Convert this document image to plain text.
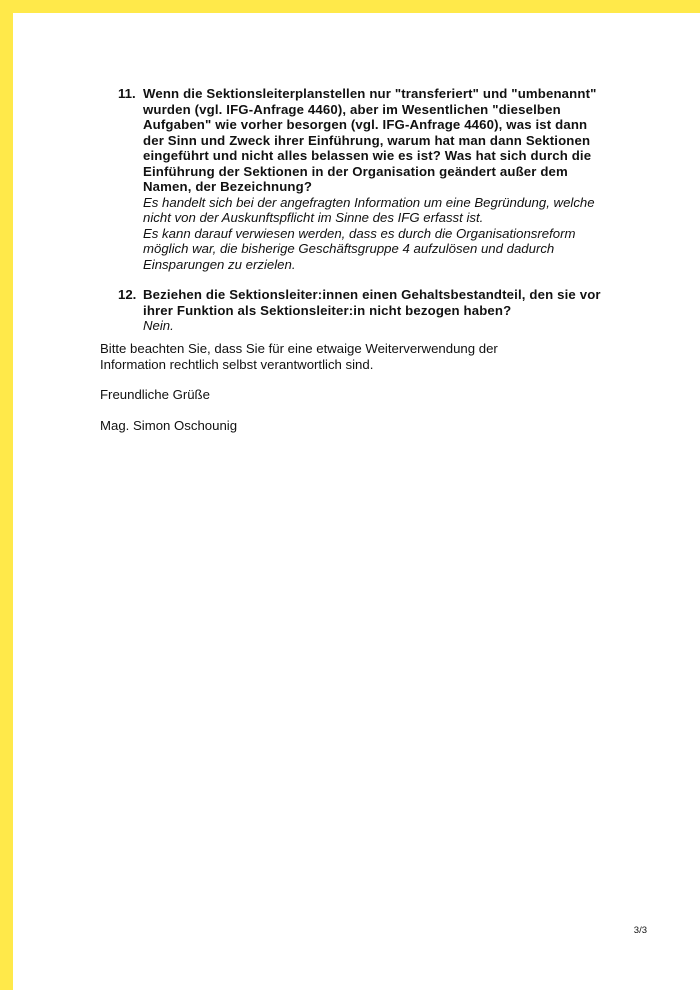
11. Wenn die Sektionsleiterplanstellen nur "transferiert" und "umbenannt" wurden (vgl. IFG-Anfrage 4460), aber im Wesentlichen "dieselben Aufgaben" wie vorher besorgen (vgl. IFG-Anfrage 4460), was ist dann der Sinn und Zweck ihrer Einführung, warum hat man dann Sektionen eingeführt und nicht alles belassen wie es ist? Was hat sich durch die Einführung der Sektionen in der Organisation geändert außer dem Namen, der Bezeichnung?
Es handelt sich bei der angefragten Information um eine Begründung, welche nicht von der Auskunftspflicht im Sinne des IFG erfasst ist.
Es kann darauf verwiesen werden, dass es durch die Organisationsreform möglich war, die bisherige Geschäftsgruppe 4 aufzulösen und dadurch Einsparungen zu erzielen.
12. Beziehen die Sektionsleiter:innen einen Gehaltsbestandteil, den sie vor ihrer Funktion als Sektionsleiter:in nicht bezogen haben?
Nein.

Bitte beachten Sie, dass Sie für eine etwaige Weiterverwendung der Information rechtlich selbst verantwortlich sind.

Freundliche Grüße

Mag. Simon Oschounig

3/3
